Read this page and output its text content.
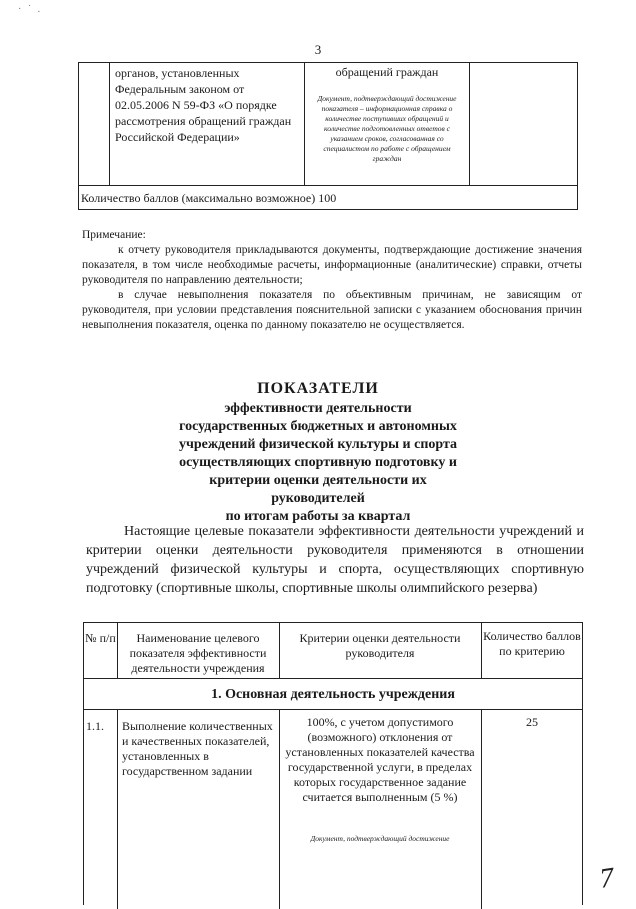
· ˙ .
3
органов, установленных Федеральным законом от 02.05.2006 N 59-ФЗ «О порядке рассмотрения обращений граждан Российской Федерации»
обращений граждан
Документ, подтверждающий достижение показателя – информационная справка о количестве поступивших обращений и количестве подготовленных ответов с указанием сроков, согласованная со специалистом по работе с обращением граждан
Количество баллов (максимально возможное) 100

Примечание:

к отчету руководителя прикладываются документы, подтверждающие достижение значения показателя, в том числе необходимые расчеты, информационные (аналитические) справки, отчеты руководителя по направлению деятельности;

в случае невыполнения показателя по объективным причинам, не зависящим от руководителя, при условии представления пояснительной записки с указанием обоснования причин невыполнения показателя, оценка по данному показателю не осуществляется.

ПОКАЗАТЕЛИ
эффективности деятельности
государственных бюджетных и автономных
учреждений физической культуры и спорта
осуществляющих спортивную подготовку и
критерии оценки деятельности их
руководителей
по итогам работы за квартал
Настоящие целевые показатели эффективности деятельности учреждений и критерии оценки деятельности руководителя применяются в отношении учреждений физической культуры и спорта, осуществляющих спортивную подготовку (спортивные школы, спортивные школы олимпийского резерва)
№ п/п	Наименование целевого показателя эффективности деятельности учреждения
Критерии оценки деятельности руководителя
Количество баллов по критерию
1. Основная деятельность учреждения
1.1.	Выполнение количественных и качественных показателей, установленных в государственном задании
100%, с учетом допустимого (возможного) отклонения от установленных показателей качества государственной услуги, в пределах которых государственное задание считается выполненным (5 %)
25
Документ, подтверждающий достижение
7
